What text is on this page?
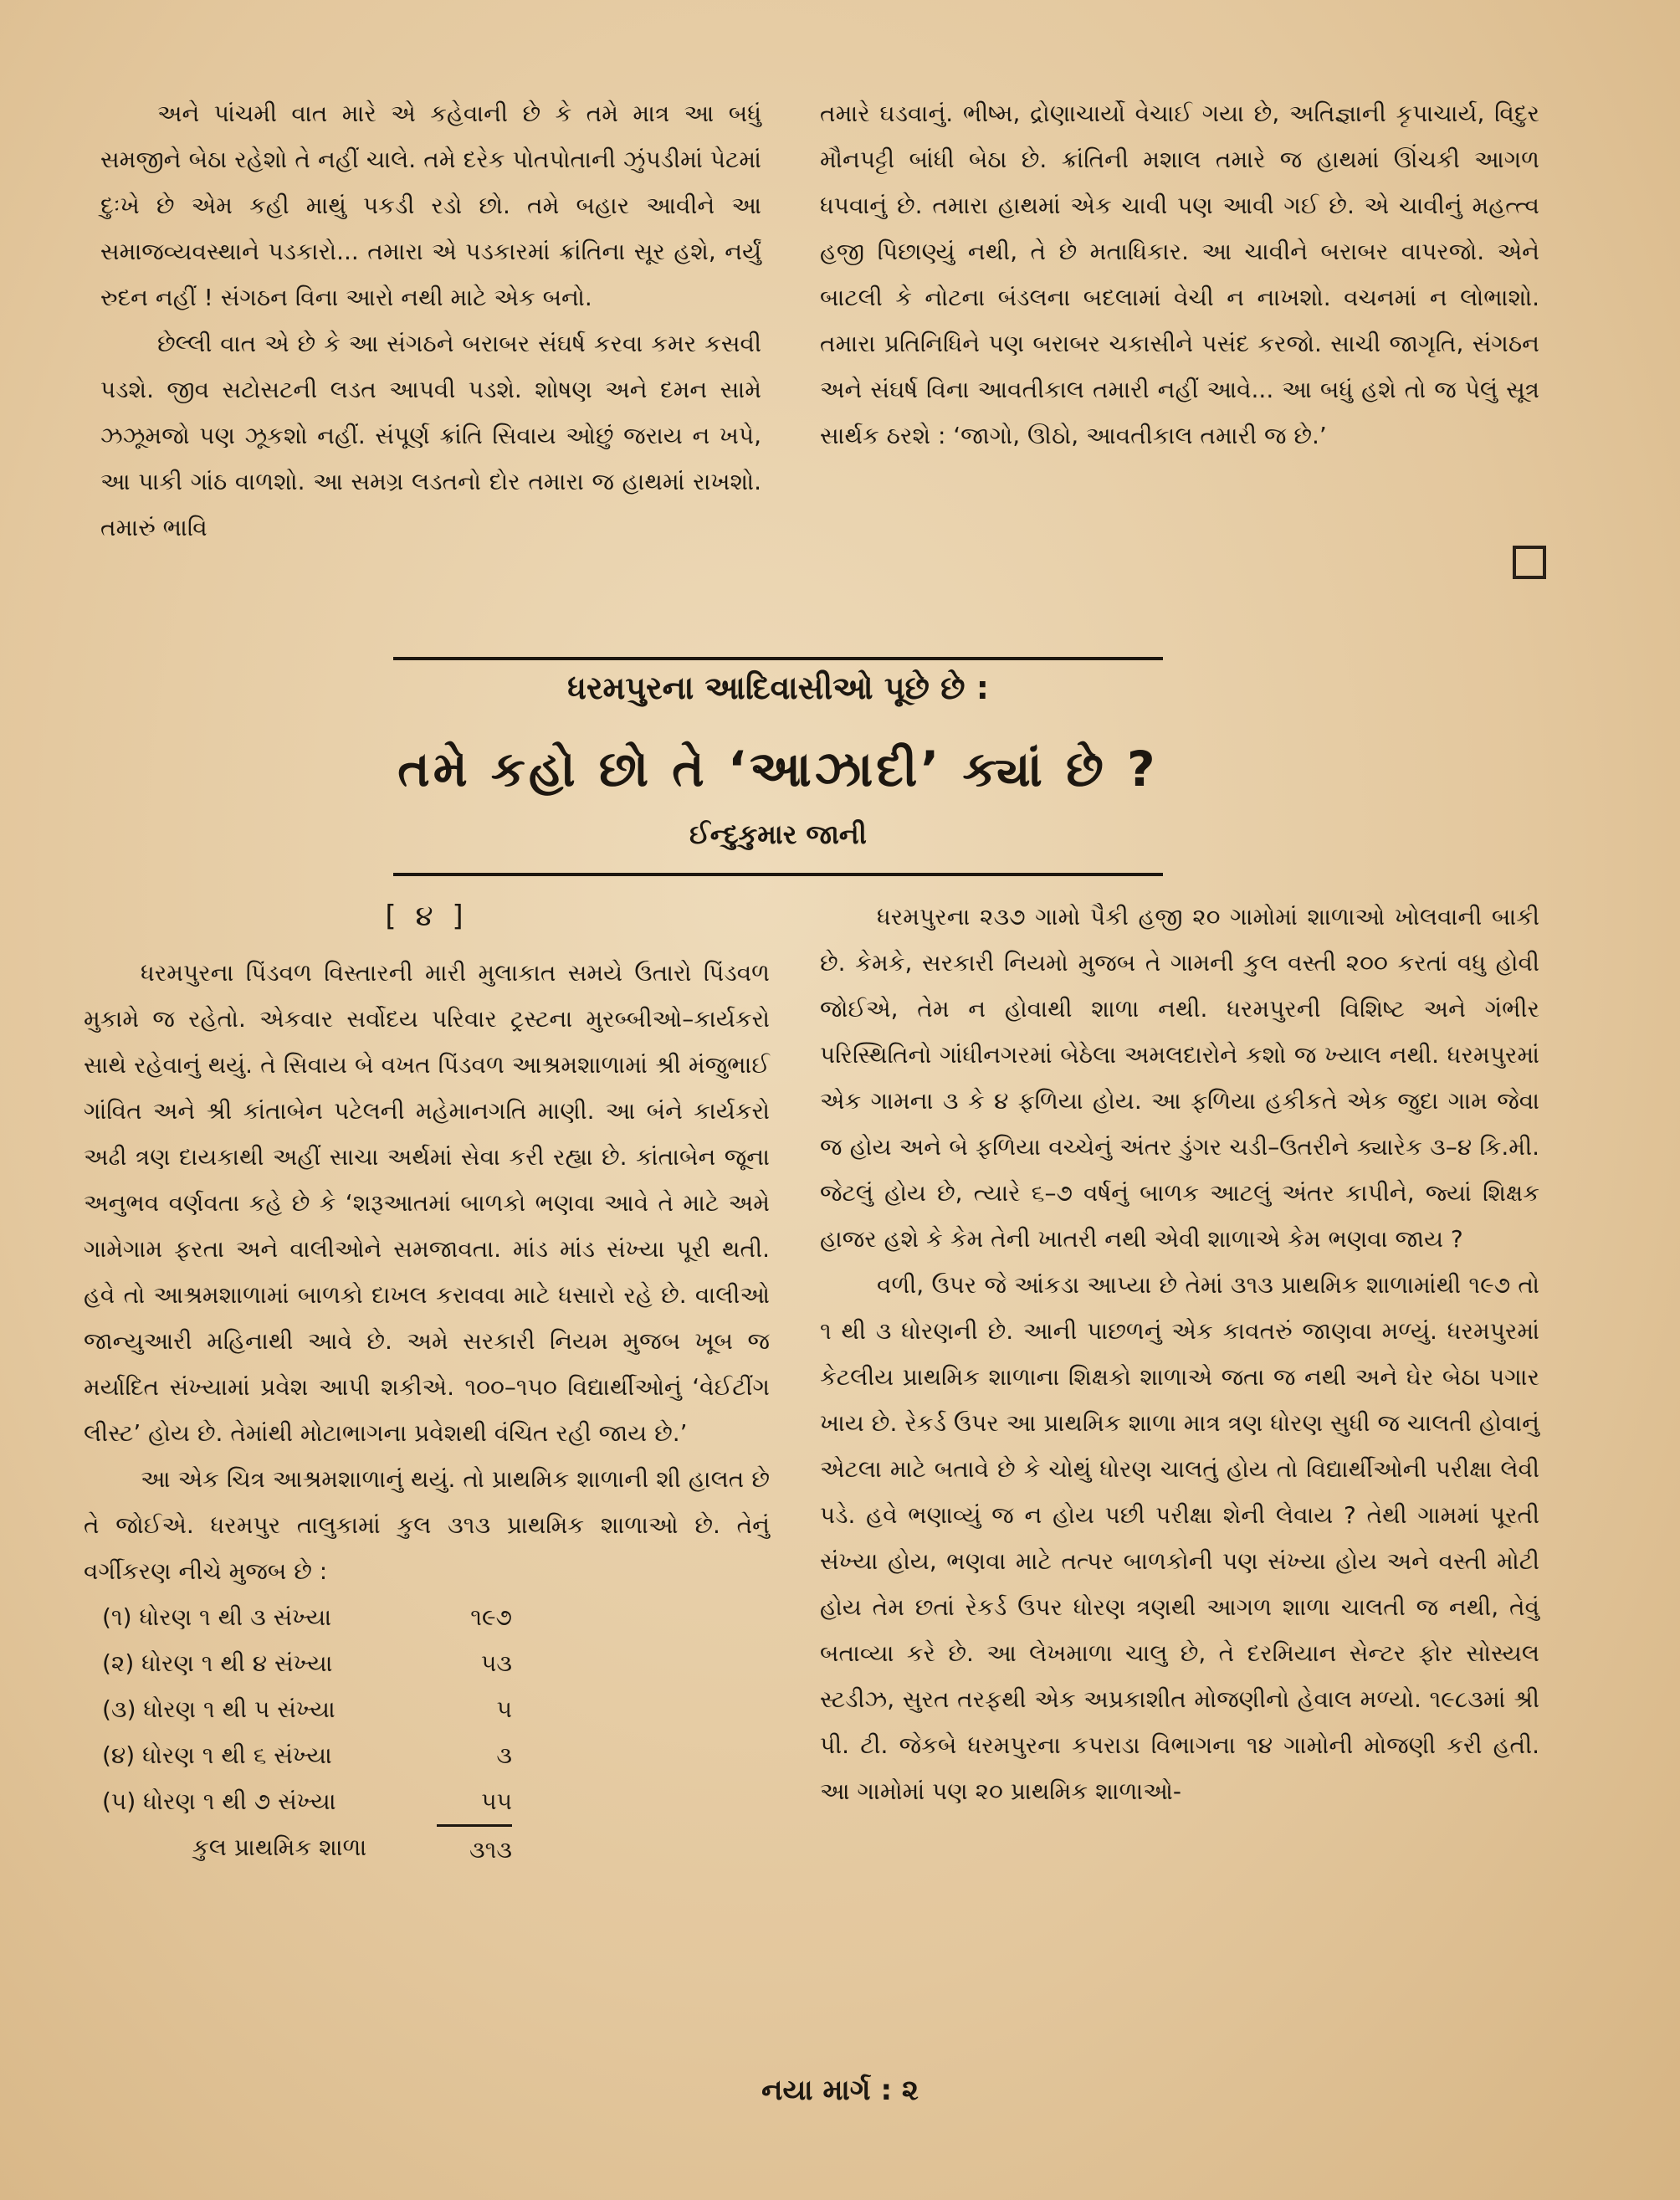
અને પાંચમી વાત મારે એ કહેવાની છે કે તમે માત્ર આ બધું સમજીને બેઠા રહેશો તે નહીં ચાલે. તમે દરેક પોતપોતાની ઝુંપડીમાં પેટમાં દુઃખે છે એમ કહી માથું પકડી રડો છો. તમે બહાર આવીને આ સમાજવ્યવસ્થાને પડકારો... તમારા એ પડકારમાં ક્રાંતિના સૂર હશે, નર્યું રુદન નહીં ! સંગઠન વિના આરો નથી માટે એક બનો.

છેલ્લી વાત એ છે કે આ સંગઠને બરાબર સંઘર્ષ કરવા કમર કસવી પડશે. જીવ સટોસટની લડત આપવી પડશે. શોષણ અને દમન સામે ઝઝૂમજો પણ ઝૂકશો નહીં. સંપૂર્ણ ક્રાંતિ સિવાય ઓછું જરાય ન ખપે, આ પાકી ગાંઠ વાળશો. આ સમગ્ર લડતનો દોર તમારા જ હાથમાં રાખશો. તમારું ભાવિ

તમારે ઘડવાનું. ભીષ્મ, દ્રોણાચાર્યો વેચાઈ ગયા છે, અતિજ્ઞાની કૃપાચાર્ય, વિદુર મૌનપટ્ટી બાંધી બેઠા છે. ક્રાંતિની મશાલ તમારે જ હાથમાં ઊંચકી આગળ ધપવાનું છે. તમારા હાથમાં એક ચાવી પણ આવી ગઈ છે. એ ચાવીનું મહત્ત્વ હજી પિછાણ્યું નથી, તે છે મતાધિકાર. આ ચાવીને બરાબર વાપરજો. એને બાટલી કે નોટના બંડલના બદલામાં વેચી ન નાખશો. વચનમાં ન લોભાશો. તમારા પ્રતિનિધિને પણ બરાબર ચકાસીને પસંદ કરજો. સાચી જાગૃતિ, સંગઠન અને સંઘર્ષ વિના આવતીકાલ તમારી નહીં આવે... આ બધું હશે તો જ પેલું સૂત્ર સાર્થક ઠરશે : ‘જાગો, ઊઠો, આવતીકાલ તમારી જ છે.’

ધરમપુરના આદિવાસીઓ પૂછે છે :
તમે કહો છો તે ‘આઝાદી’ ક્યાં છે ?
ઈન્દુકુમાર જાની

[ ૪ ]

ધરમપુરના પિંડવળ વિસ્તારની મારી મુલાકાત સમયે ઉતારો પિંડવળ મુકામે જ રહેતો. એકવાર સર્વોદય પરિવાર ટ્રસ્ટના મુરબ્બીઓ–કાર્યકરો સાથે રહેવાનું થયું. તે સિવાય બે વખત પિંડવળ આશ્રમશાળામાં શ્રી મંજુભાઈ ગાંવિત અને શ્રી કાંતાબેન પટેલની મહેમાનગતિ માણી. આ બંને કાર્યકરો અઢી ત્રણ દાયકાથી અહીં સાચા અર્થમાં સેવા કરી રહ્યા છે. કાંતાબેન જૂના અનુભવ વર્ણવતા કહે છે કે ‘શરૂઆતમાં બાળકો ભણવા આવે તે માટે અમે ગામેગામ ફરતા અને વાલીઓને સમજાવતા. માંડ માંડ સંખ્યા પૂરી થતી. હવે તો આશ્રમશાળામાં બાળકો દાખલ કરાવવા માટે ધસારો રહે છે. વાલીઓ જાન્યુઆરી મહિનાથી આવે છે. અમે સરકારી નિયમ મુજબ ખૂબ જ મર્યાદિત સંખ્યામાં પ્રવેશ આપી શકીએ. ૧૦૦–૧૫૦ વિદ્યાર્થીઓનું ‘વેઈટીંગ લીસ્ટ’ હોય છે. તેમાંથી મોટાભાગના પ્રવેશથી વંચિત રહી જાય છે.’

આ એક ચિત્ર આશ્રમશાળાનું થયું. તો પ્રાથમિક શાળાની શી હાલત છે તે જોઈએ. ધરમપુર તાલુકામાં કુલ ૩૧૩ પ્રાથમિક શાળાઓ છે. તેનું વર્ગીકરણ નીચે મુજબ છે :

(૧) ધોરણ ૧ થી ૩ સંખ્યા	૧૯૭
(૨) ધોરણ ૧ થી ૪ સંખ્યા	૫૩
(૩) ધોરણ ૧ થી ૫ સંખ્યા	૫
(૪) ધોરણ ૧ થી ૬ સંખ્યા	૩
(૫) ધોરણ ૧ થી ૭ સંખ્યા	૫૫
કુલ પ્રાથમિક શાળા	૩૧૩

ધરમપુરના ૨૩૭ ગામો પૈકી હજી ૨૦ ગામોમાં શાળાઓ ખોલવાની બાકી છે. કેમકે, સરકારી નિયમો મુજબ તે ગામની કુલ વસ્તી ૨૦૦ કરતાં વધુ હોવી જોઈએ, તેમ ન હોવાથી શાળા નથી. ધરમપુરની વિશિષ્ટ અને ગંભીર પરિસ્થિતિનો ગાંધીનગરમાં બેઠેલા અમલદારોને કશો જ ખ્યાલ નથી. ધરમપુરમાં એક ગામના ૩ કે ૪ ફળિયા હોય. આ ફળિયા હકીકતે એક જુદા ગામ જેવા જ હોય અને બે ફળિયા વચ્ચેનું અંતર ડુંગર ચડી–ઉતરીને ક્યારેક ૩–૪ કિ.મી. જેટલું હોય છે, ત્યારે ૬–૭ વર્ષનું બાળક આટલું અંતર કાપીને, જ્યાં શિક્ષક હાજર હશે કે કેમ તેની ખાતરી નથી એવી શાળાએ કેમ ભણવા જાય ?

વળી, ઉપર જે આંકડા આપ્યા છે તેમાં ૩૧૩ પ્રાથમિક શાળામાંથી ૧૯૭ તો ૧ થી ૩ ધોરણની છે. આની પાછળનું એક કાવતરું જાણવા મળ્યું. ધરમપુરમાં કેટલીય પ્રાથમિક શાળાના શિક્ષકો શાળાએ જતા જ નથી અને ઘેર બેઠા પગાર ખાય છે. રેકર્ડ ઉપર આ પ્રાથમિક શાળા માત્ર ત્રણ ધોરણ સુધી જ ચાલતી હોવાનું એટલા માટે બતાવે છે કે ચોથું ધોરણ ચાલતું હોય તો વિદ્યાર્થીઓની પરીક્ષા લેવી પડે. હવે ભણાવ્યું જ ન હોય પછી પરીક્ષા શેની લેવાય ? તેથી ગામમાં પૂરતી સંખ્યા હોય, ભણવા માટે તત્પર બાળકોની પણ સંખ્યા હોય અને વસ્તી મોટી હોય તેમ છતાં રેકર્ડ ઉપર ધોરણ ત્રણથી આગળ શાળા ચાલતી જ નથી, તેવું બતાવ્યા કરે છે. આ લેખમાળા ચાલુ છે, તે દરમિયાન સેન્ટર ફોર સોસ્યલ સ્ટડીઝ, સુરત તરફથી એક અપ્રકાશીત મોજણીનો હેવાલ મળ્યો. ૧૯૮૩માં શ્રી પી. ટી. જેકબે ધરમપુરના કપરાડા વિભાગના ૧૪ ગામોની મોજણી કરી હતી. આ ગામોમાં પણ ૨૦ પ્રાથમિક શાળાઓ-

નયા માર્ગ : ૨
